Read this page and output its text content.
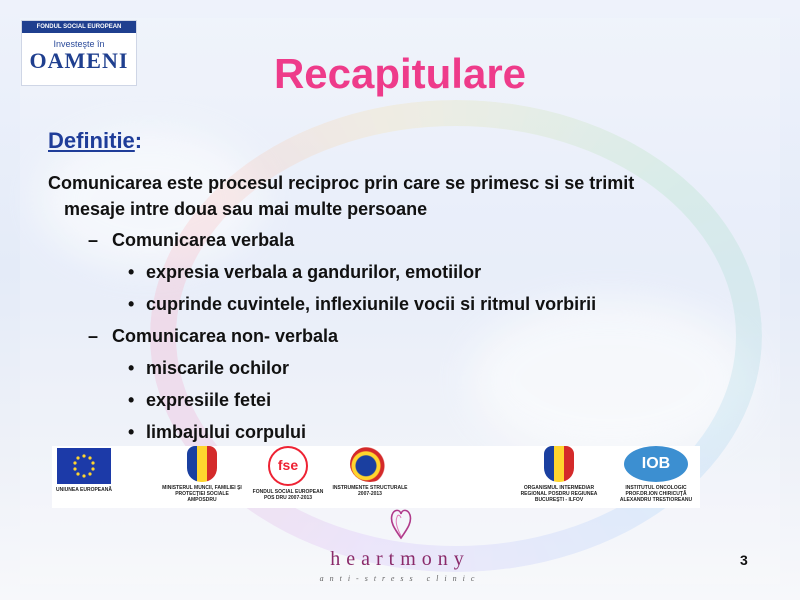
FONDUL SOCIAL EUROPEAN
Investeşte în
OAMENI	Recapitulare
Definitie:
Comunicarea este procesul reciproc prin care se primesc si se trimit
mesaje intre doua sau mai multe persoane
– Comunicarea verbala
• expresia verbala a gandurilor, emotiilor
• cuprinde cuvintele, inflexiunile vocii si ritmul vorbirii
– Comunicarea non- verbala
• miscarile ochilor
• expresiile fetei
• limbajului corpului
UNIUNEA EUROPEANĂ	MINISTERUL MUNCII, FAMILIEI ŞI PROTECŢIEI SOCIALE AMPOSDRU
fse
FONDUL SOCIAL EUROPEAN POS DRU 2007-2013
INSTRUMENTE STRUCTURALE 2007-2013
ORGANISMUL INTERMEDIAR REGIONAL POSDRU REGIUNEA BUCUREŞTI - ILFOV
IOB
INSTITUTUL ONCOLOGIC PROF.DR.ION CHIRICUŢĂ ALEXANDRU TRESTIOREANU
heartmony
anti-stress clinic
3
